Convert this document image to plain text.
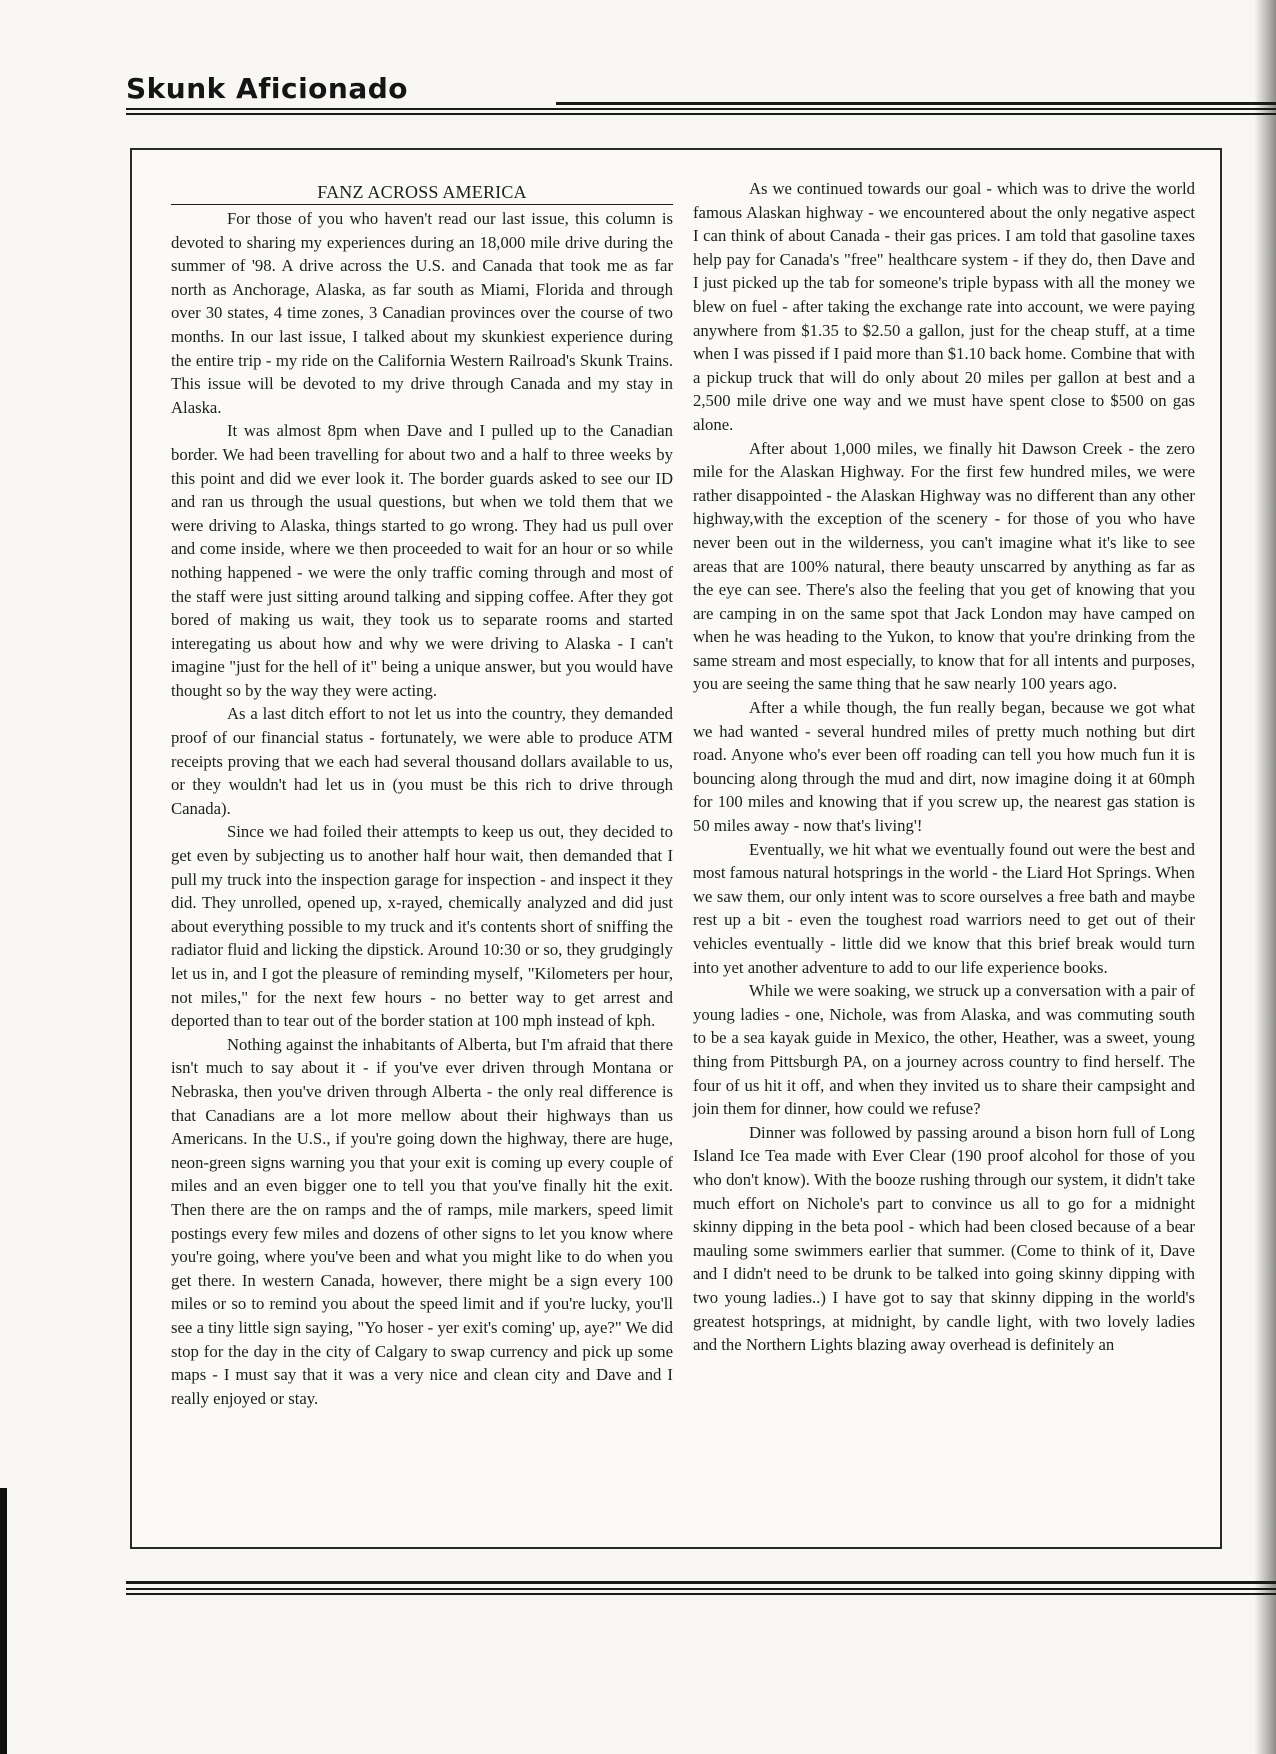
Skunk Aficionado
FANZ ACROSS AMERICA

For those of you who haven't read our last issue, this column is devoted to sharing my experiences during an 18,000 mile drive during the summer of '98. A drive across the U.S. and Canada that took me as far north as Anchorage, Alaska, as far south as Miami, Florida and through over 30 states, 4 time zones, 3 Canadian provinces over the course of two months. In our last issue, I talked about my skunkiest experience during the entire trip - my ride on the California Western Railroad's Skunk Trains. This issue will be devoted to my drive through Canada and my stay in Alaska.

It was almost 8pm when Dave and I pulled up to the Canadian border. We had been travelling for about two and a half to three weeks by this point and did we ever look it. The border guards asked to see our ID and ran us through the usual questions, but when we told them that we were driving to Alaska, things started to go wrong. They had us pull over and come inside, where we then proceeded to wait for an hour or so while nothing happened - we were the only traffic coming through and most of the staff were just sitting around talking and sipping coffee. After they got bored of making us wait, they took us to separate rooms and started interegating us about how and why we were driving to Alaska - I can't imagine "just for the hell of it" being a unique answer, but you would have thought so by the way they were acting.

As a last ditch effort to not let us into the country, they demanded proof of our financial status - fortunately, we were able to produce ATM receipts proving that we each had several thousand dollars available to us, or they wouldn't had let us in (you must be this rich to drive through Canada).

Since we had foiled their attempts to keep us out, they decided to get even by subjecting us to another half hour wait, then demanded that I pull my truck into the inspection garage for inspection - and inspect it they did. They unrolled, opened up, x-rayed, chemically analyzed and did just about everything possible to my truck and it's contents short of sniffing the radiator fluid and licking the dipstick. Around 10:30 or so, they grudgingly let us in, and I got the pleasure of reminding myself, "Kilometers per hour, not miles," for the next few hours - no better way to get arrest and deported than to tear out of the border station at 100 mph instead of kph.

Nothing against the inhabitants of Alberta, but I'm afraid that there isn't much to say about it - if you've ever driven through Montana or Nebraska, then you've driven through Alberta - the only real difference is that Canadians are a lot more mellow about their highways than us Americans. In the U.S., if you're going down the highway, there are huge, neon-green signs warning you that your exit is coming up every couple of miles and an even bigger one to tell you that you've finally hit the exit. Then there are the on ramps and the of ramps, mile markers, speed limit postings every few miles and dozens of other signs to let you know where you're going, where you've been and what you might like to do when you get there. In western Canada, however, there might be a sign every 100 miles or so to remind you about the speed limit and if you're lucky, you'll see a tiny little sign saying, "Yo hoser - yer exit's coming' up, aye?" We did stop for the day in the city of Calgary to swap currency and pick up some maps - I must say that it was a very nice and clean city and Dave and I really enjoyed or stay.

As we continued towards our goal - which was to drive the world famous Alaskan highway - we encountered about the only negative aspect I can think of about Canada - their gas prices. I am told that gasoline taxes help pay for Canada's "free" healthcare system - if they do, then Dave and I just picked up the tab for someone's triple bypass with all the money we blew on fuel - after taking the exchange rate into account, we were paying anywhere from $1.35 to $2.50 a gallon, just for the cheap stuff, at a time when I was pissed if I paid more than $1.10 back home. Combine that with a pickup truck that will do only about 20 miles per gallon at best and a 2,500 mile drive one way and we must have spent close to $500 on gas alone.

After about 1,000 miles, we finally hit Dawson Creek - the zero mile for the Alaskan Highway. For the first few hundred miles, we were rather disappointed - the Alaskan Highway was no different than any other highway,with the exception of the scenery - for those of you who have never been out in the wilderness, you can't imagine what it's like to see areas that are 100% natural, there beauty unscarred by anything as far as the eye can see. There's also the feeling that you get of knowing that you are camping in on the same spot that Jack London may have camped on when he was heading to the Yukon, to know that you're drinking from the same stream and most especially, to know that for all intents and purposes, you are seeing the same thing that he saw nearly 100 years ago.

After a while though, the fun really began, because we got what we had wanted - several hundred miles of pretty much nothing but dirt road. Anyone who's ever been off roading can tell you how much fun it is bouncing along through the mud and dirt, now imagine doing it at 60mph for 100 miles and knowing that if you screw up, the nearest gas station is 50 miles away - now that's living'!

Eventually, we hit what we eventually found out were the best and most famous natural hotsprings in the world - the Liard Hot Springs. When we saw them, our only intent was to score ourselves a free bath and maybe rest up a bit - even the toughest road warriors need to get out of their vehicles eventually - little did we know that this brief break would turn into yet another adventure to add to our life experience books.

While we were soaking, we struck up a conversation with a pair of young ladies - one, Nichole, was from Alaska, and was commuting south to be a sea kayak guide in Mexico, the other, Heather, was a sweet, young thing from Pittsburgh PA, on a journey across country to find herself. The four of us hit it off, and when they invited us to share their campsight and join them for dinner, how could we refuse?

Dinner was followed by passing around a bison horn full of Long Island Ice Tea made with Ever Clear (190 proof alcohol for those of you who don't know). With the booze rushing through our system, it didn't take much effort on Nichole's part to convince us all to go for a midnight skinny dipping in the beta pool - which had been closed because of a bear mauling some swimmers earlier that summer. (Come to think of it, Dave and I didn't need to be drunk to be talked into going skinny dipping with two young ladies..) I have got to say that skinny dipping in the world's greatest hotsprings, at midnight, by candle light, with two lovely ladies and the Northern Lights blazing away overhead is definitely an
